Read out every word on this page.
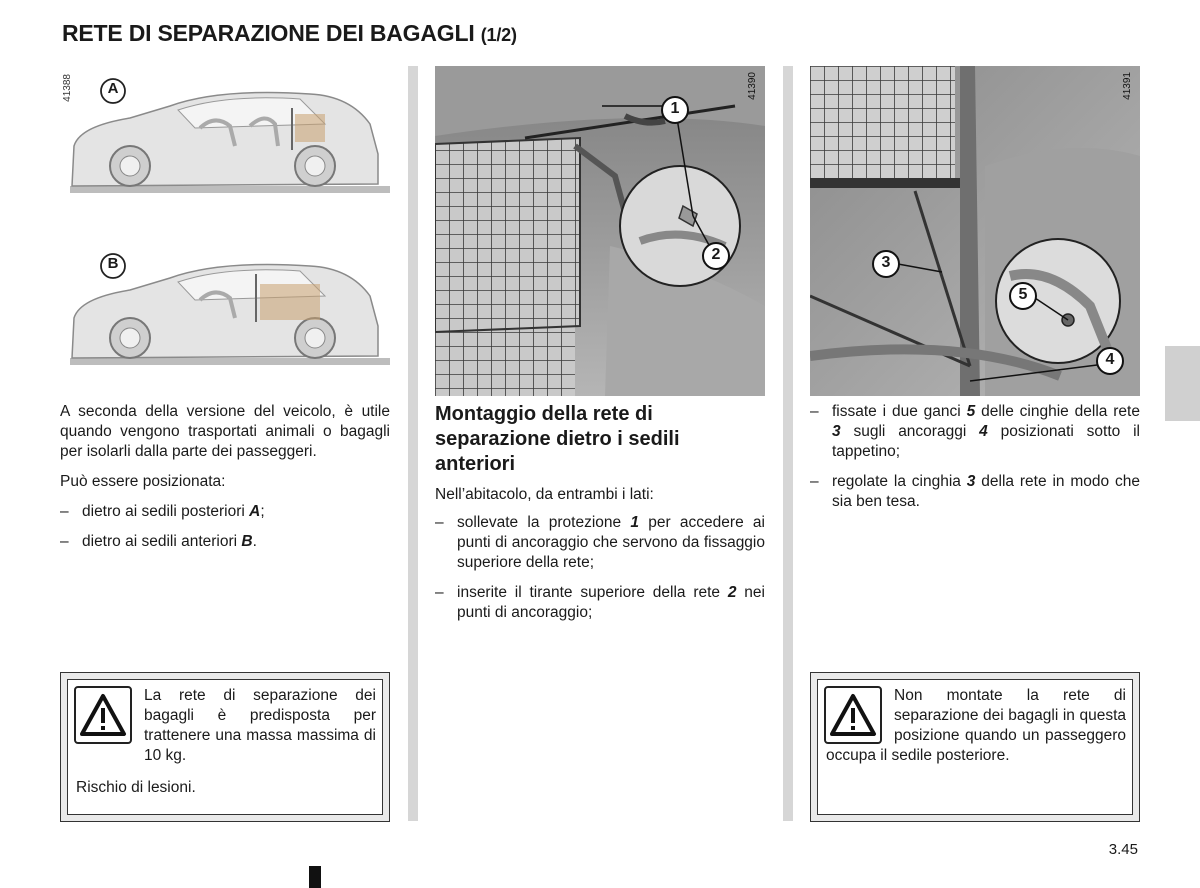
RETE DI SEPARAZIONE DEI BAGAGLI (1/2)
41388 A
B
A seconda della versione del veicolo, è utile quando vengono trasportati animali o bagagli per isolarli dalla parte dei passeggeri.
Può essere posizionata:
– dietro ai sedili posteriori A;
– dietro ai sedili anteriori B.
La rete di separazione dei bagagli è predisposta per trattenere una massa massima di 10 kg.
Rischio di lesioni.
1
2
41390
Montaggio della rete di separazione dietro i sedili anteriori
Nell’abitacolo, da entrambi i lati:
– sollevate la protezione 1 per accedere ai punti di ancoraggio che servono da fissaggio superiore della rete;
– inserite il tirante superiore della rete 2 nei punti di ancoraggio;
3
4
5
41391
– fissate i due ganci 5 delle cinghie della rete 3 sugli ancoraggi 4 posizionati sotto il tappetino;
– regolate la cinghia 3 della rete in modo che sia ben tesa.
Non montate la rete di separazione dei bagagli in questa posizione quando un passeggero occupa il sedile posteriore.
3.45
